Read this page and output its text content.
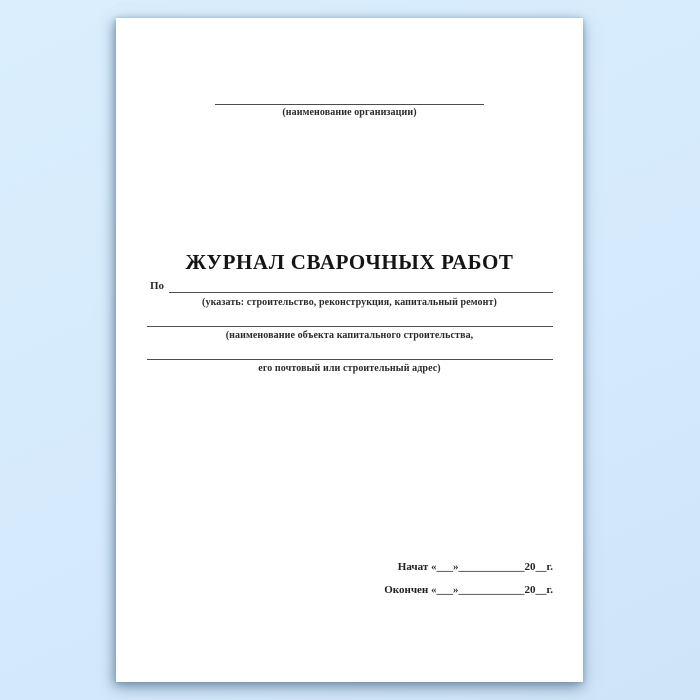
(наименование организации)
ЖУРНАЛ СВАРОЧНЫХ РАБОТ
По
(указать: строительство, реконструкция, капитальный ремонт)
(наименование объекта капитального строительства,
его почтовый или строительный адрес)
Начат «___»____________20__г.
Окончен «___»____________20__г.
